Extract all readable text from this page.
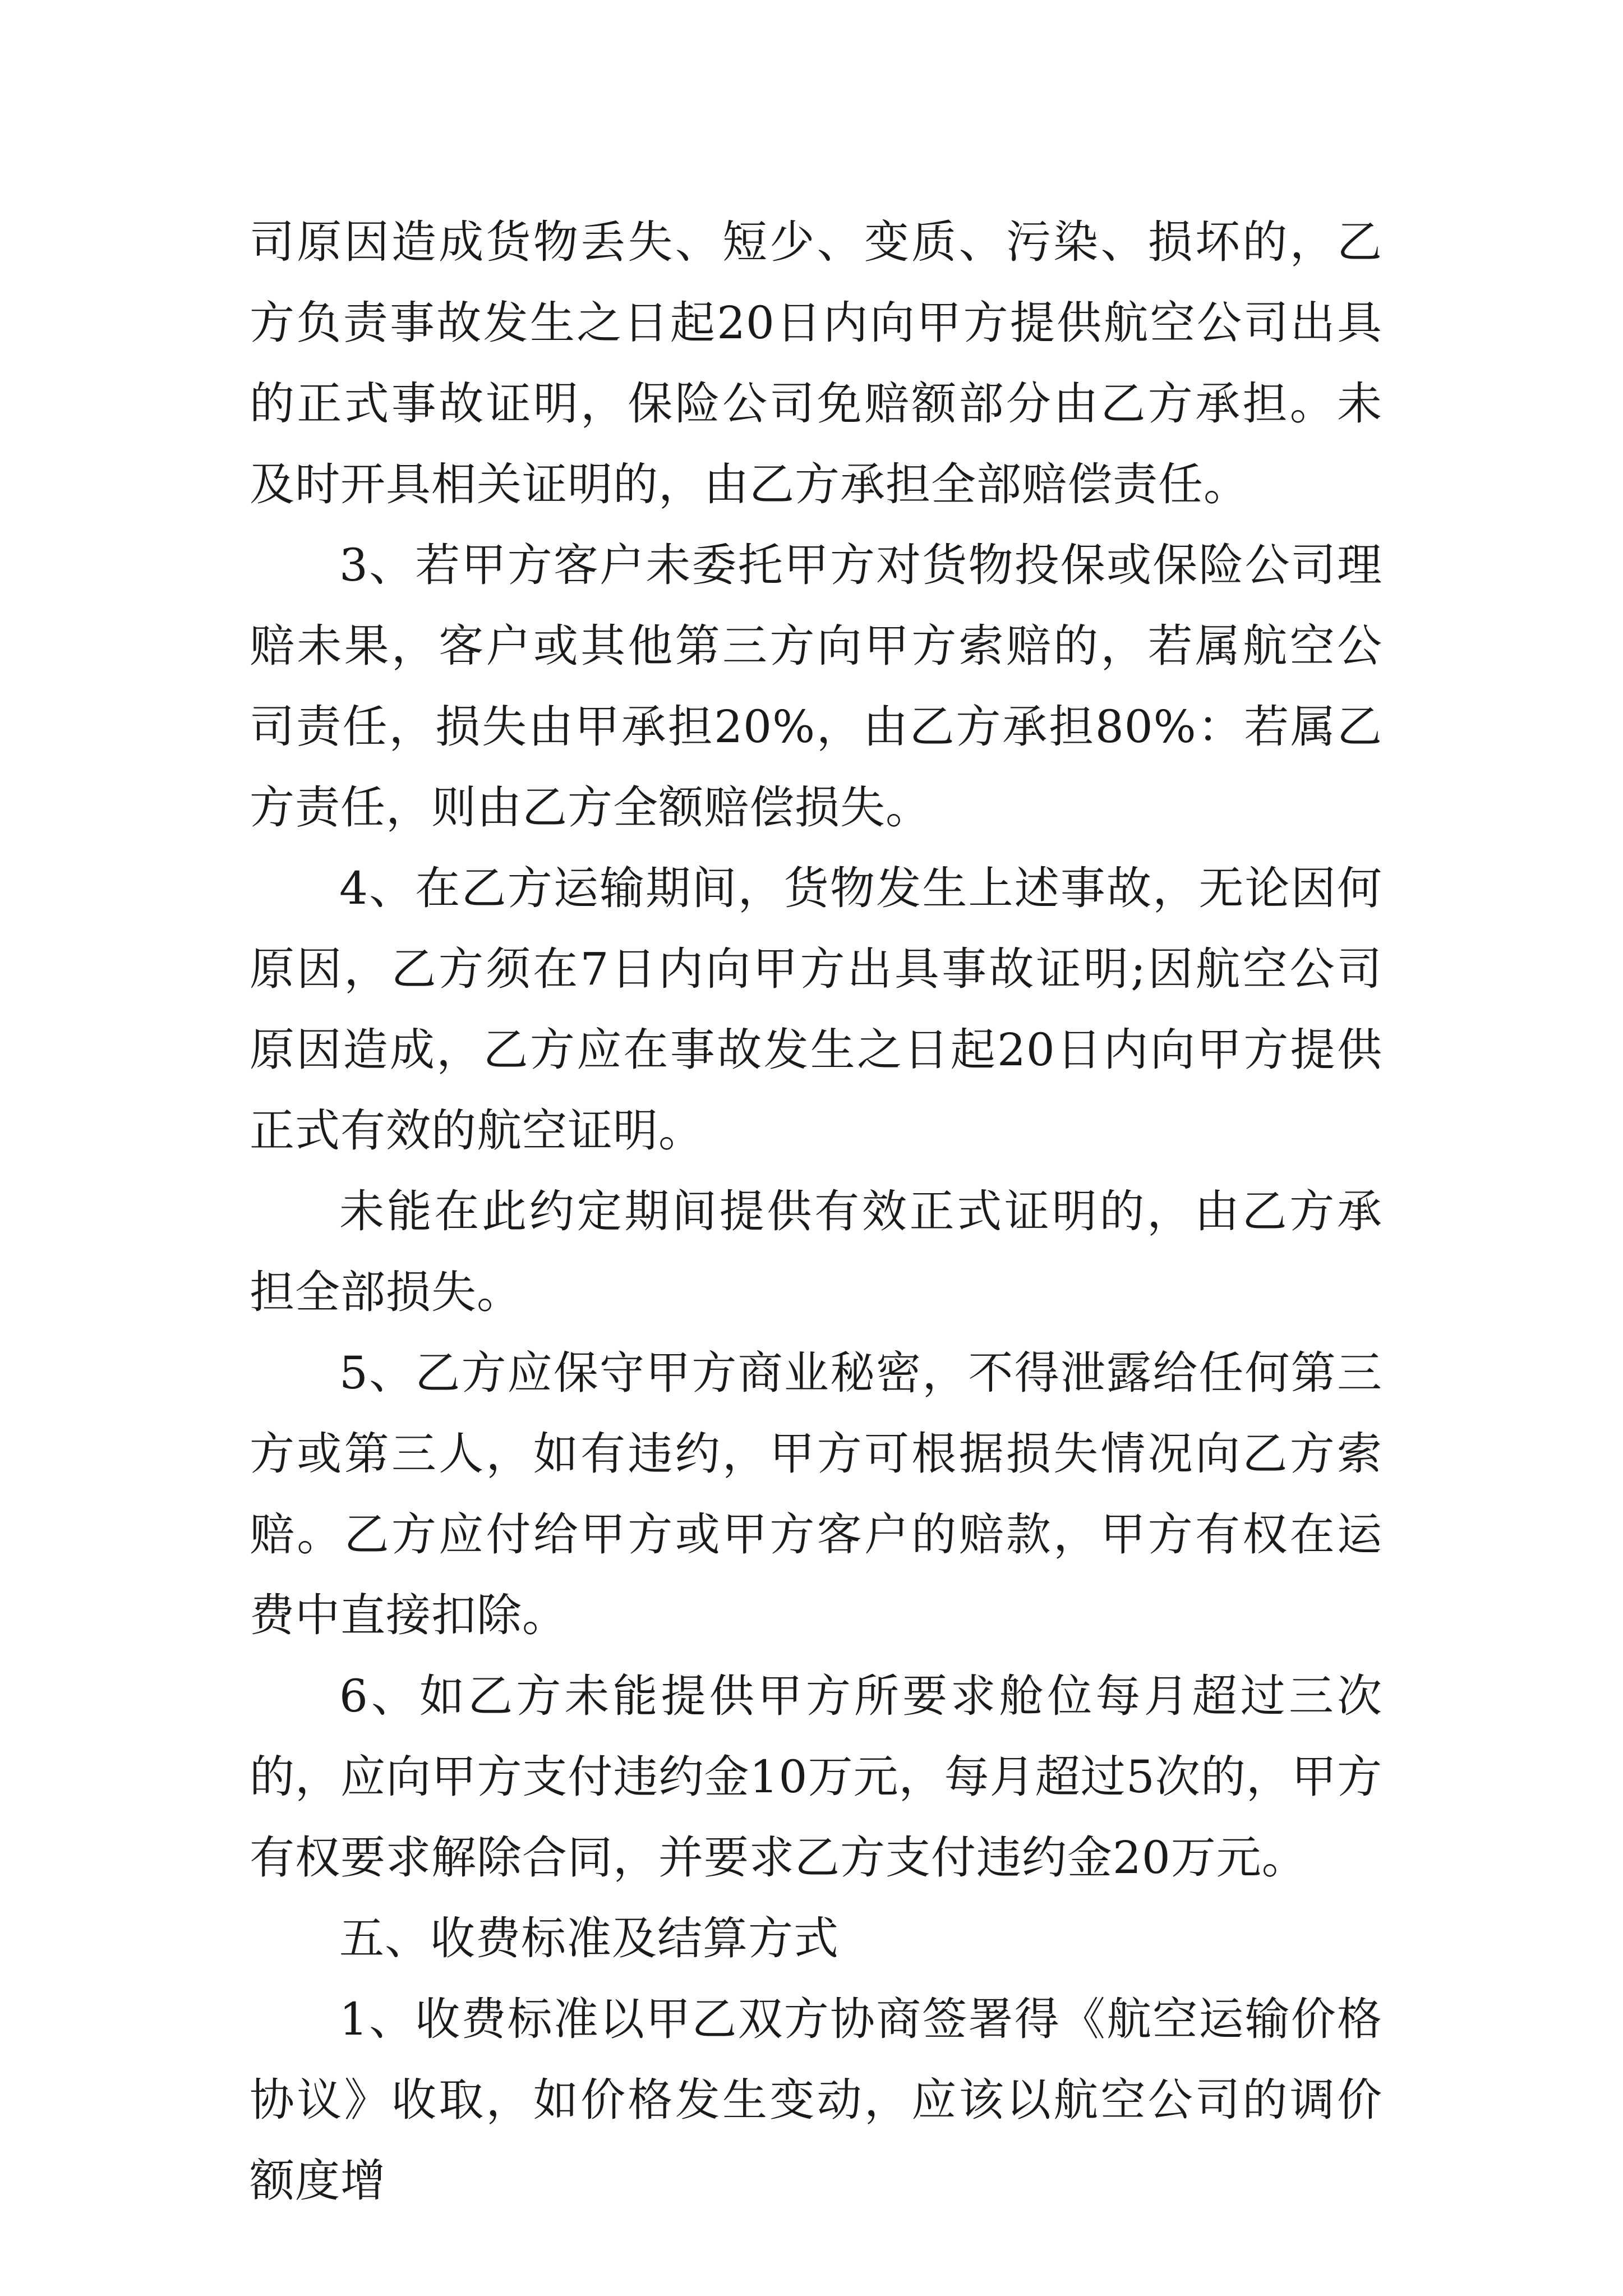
司原因造成货物丢失、短少、变质、污染、损坏的，乙方负责事故发生之日起20日内向甲方提供航空公司出具的正式事故证明，保险公司免赔额部分由乙方承担。未及时开具相关证明的，由乙方承担全部赔偿责任。

3、若甲方客户未委托甲方对货物投保或保险公司理赔未果，客户或其他第三方向甲方索赔的，若属航空公司责任，损失由甲承担20%，由乙方承担80%：若属乙方责任，则由乙方全额赔偿损失。

4、在乙方运输期间，货物发生上述事故，无论因何原因，乙方须在7日内向甲方出具事故证明;因航空公司原因造成，乙方应在事故发生之日起20日内向甲方提供正式有效的航空证明。

未能在此约定期间提供有效正式证明的，由乙方承担全部损失。

5、乙方应保守甲方商业秘密，不得泄露给任何第三方或第三人，如有违约，甲方可根据损失情况向乙方索赔。乙方应付给甲方或甲方客户的赔款，甲方有权在运费中直接扣除。

6、如乙方未能提供甲方所要求舱位每月超过三次的，应向甲方支付违约金10万元，每月超过5次的，甲方有权要求解除合同，并要求乙方支付违约金20万元。

五、收费标准及结算方式

1、收费标准以甲乙双方协商签署得《航空运输价格协议》收取，如价格发生变动，应该以航空公司的调价额度增
